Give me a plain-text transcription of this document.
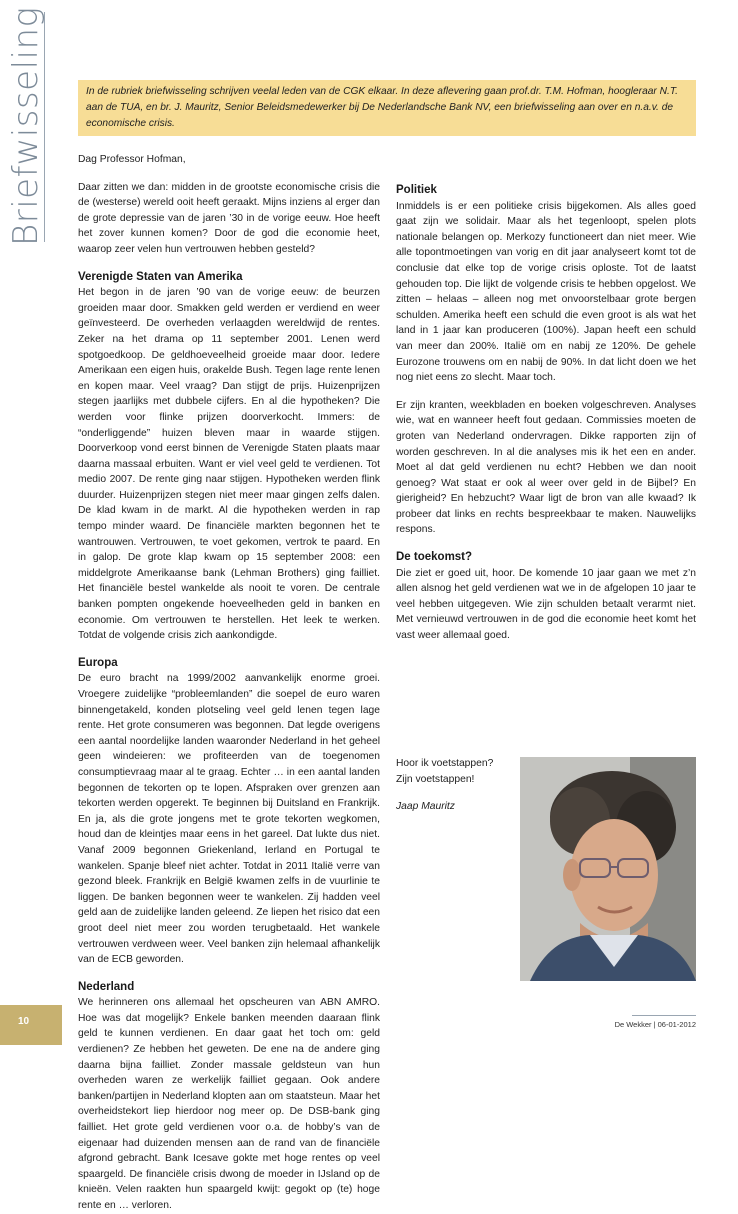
Briefwisseling	In de rubriek briefwisseling schrijven veelal leden van de CGK elkaar. In deze aflevering gaan prof.dr. T.M. Hofman, hoogleraar N.T. aan de TUA, en br. J. Mauritz, Senior Beleidsmedewerker bij De Nederlandsche Bank NV, een briefwisseling aan over en n.a.v. de economische crisis.

Dag Professor Hofman,

Daar zitten we dan: midden in de grootste economische crisis die de (westerse) wereld ooit heeft geraakt. Mijns inziens al erger dan de grote depressie van de jaren ’30 in de vorige eeuw. Hoe heeft het zover kunnen komen? Door de god die economie heet, waarop zeer velen hun vertrouwen hebben gesteld?

Verenigde Staten van Amerika

Het begon in de jaren ’90 van de vorige eeuw: de beurzen groeiden maar door. Smakken geld werden er verdiend en weer geïnvesteerd. De overheden verlaagden wereldwijd de rentes. Zeker na het drama op 11 september 2001. Lenen werd spotgoedkoop. De geldhoeveelheid groeide maar door. Iedere Amerikaan een eigen huis, orakelde Bush. Tegen lage rente lenen en kopen maar. Veel vraag? Dan stijgt de prijs. Huizenprijzen stegen jaarlijks met dubbele cijfers. En al die hypotheken? Die werden voor flinke prijzen doorverkocht. Immers: de “onderliggende” huizen bleven maar in waarde stijgen. Doorverkoop vond eerst binnen de Verenigde Staten plaats maar daarna massaal erbuiten. Want er viel veel geld te verdienen. Tot medio 2007. De rente ging naar stijgen. Hypotheken werden flink duurder. Huizenprijzen stegen niet meer maar gingen zelfs dalen. De klad kwam in de markt. Al die hypotheken werden in rap tempo minder waard. De financiële markten begonnen het te wantrouwen. Vertrouwen, te voet gekomen, vertrok te paard. En in galop. De grote klap kwam op 15 september 2008: een middelgrote Amerikaanse bank (Lehman Brothers) ging failliet. Het financiële bestel wankelde als nooit te voren. De centrale banken pompten ongekende hoeveelheden geld in banken en economie. Om vertrouwen te herstellen. Het leek te werken. Totdat de volgende crisis zich aankondigde.

Europa

De euro bracht na 1999/2002 aanvankelijk enorme groei. Vroegere zuidelijke “probleemlanden” die soepel de euro waren binnengetakeld, konden plotseling veel geld lenen tegen lage rente. Het grote consumeren was begonnen. Dat legde overigens een aantal noordelijke landen waaronder Nederland in het geheel geen windeieren: we profiteerden van de toegenomen consumptievraag maar al te graag. Echter … in een aantal landen begonnen de tekorten op te lopen. Afspraken over grenzen aan tekorten werden opgerekt. Te beginnen bij Duitsland en Frankrijk. En ja, als die grote jongens met te grote tekorten wegkomen, houd dan de kleintjes maar eens in het gareel. Dat lukte dus niet. Vanaf 2009 begonnen Griekenland, Ierland en Portugal te wankelen. Spanje bleef niet achter. Totdat in 2011 Italië verre van gezond bleek. Frankrijk en België kwamen zelfs in de vuurlinie te liggen. De banken begonnen weer te wankelen. Zij hadden veel geld aan de zuidelijke landen geleend. Ze liepen het risico dat een groot deel niet meer zou worden terugbetaald. Het wankele vertrouwen verdween weer. Veel banken zijn helemaal afhankelijk van de ECB geworden.

Nederland

We herinneren ons allemaal het opscheuren van ABN AMRO. Hoe was dat mogelijk? Enkele banken meenden daaraan flink geld te kunnen verdienen. En daar gaat het toch om: geld verdienen? Ze hebben het geweten. De ene na de andere ging daarna bijna failliet. Zonder massale geldsteun van hun overheden waren ze werkelijk failliet gegaan. Ook andere banken/partijen in Nederland klopten aan om staatsteun. Maar het overheidstekort liep hierdoor nog meer op. De DSB-bank ging failliet. Het grote geld verdienen voor o.a. de hobby’s van de eigenaar had duizenden mensen aan de rand van de financiële afgrond gebracht. Bank Icesave gokte met hoge rentes op veel spaargeld. De financiële crisis dwong de moeder in IJsland op de knieën. Velen raakten hun spaargeld kwijt: gegokt op (te) hoge rente en … verloren.

Politiek

Inmiddels is er een politieke crisis bijgekomen. Als alles goed gaat zijn we solidair. Maar als het tegenloopt, spelen plots nationale belangen op. Merkozy functioneert dan niet meer. Wie alle topontmoetingen van vorig en dit jaar analyseert komt tot de conclusie dat elke top de vorige crisis oploste. Tot de laatst gehouden top. Die lijkt de volgende crisis te hebben opgelost. We zitten – helaas – alleen nog met onvoorstelbaar grote bergen schulden. Amerika heeft een schuld die even groot is als wat het land in 1 jaar kan produceren (100%). Japan heeft een schuld van meer dan 200%. Italië om en nabij ze 120%. De gehele Eurozone trouwens om en nabij de 90%. In dat licht doen we het nog niet eens zo slecht. Maar toch.

Er zijn kranten, weekbladen en boeken volgeschreven. Analyses wie, wat en wanneer heeft fout gedaan. Commissies moeten de groten van Nederland ondervragen. Dikke rapporten zijn of worden geschreven. In al die analyses mis ik het een en ander. Moet al dat geld verdienen nu echt? Hebben we dan nooit genoeg? Wat staat er ook al weer over geld in de Bijbel? En gierigheid? En hebzucht? Waar ligt de bron van alle kwaad? Ik probeer dat links en rechts bespreekbaar te maken. Nauwelijks respons.

De toekomst?

Die ziet er goed uit, hoor. De komende 10 jaar gaan we met z’n allen alsnog het geld verdienen wat we in de afgelopen 10 jaar te veel hebben uitgegeven. Wie zijn schulden betaalt verarmt niet. Met vernieuwd vertrouwen in de god die economie heet komt het vast weer allemaal goed.

Hoor ik voetstappen?
Zijn voetstappen!
Jaap Mauritz
10	De Wekker | 06-01-2012
